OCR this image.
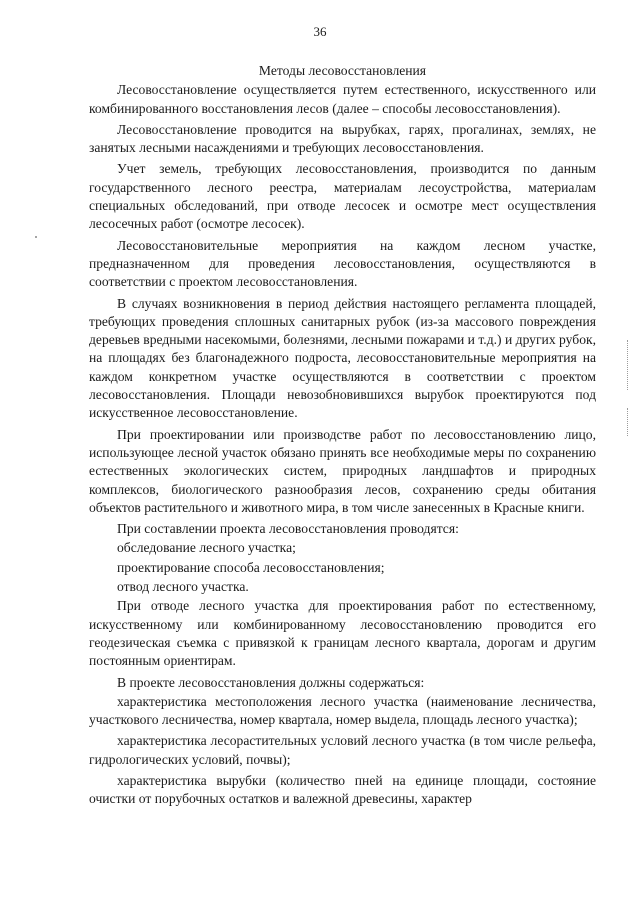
36
Методы лесовосстановления

Лесовосстановление осуществляется путем естественного, искусственного или комбинированного восстановления лесов (далее – способы лесовосстановления).

Лесовосстановление проводится на вырубках, гарях, прогалинах, землях, не занятых лесными насаждениями и требующих лесовосстановления.

Учет земель, требующих лесовосстановления, производится по данным государственного лесного реестра, материалам лесоустройства, материалам специальных обследований, при отводе лесосек и осмотре мест осуществления лесосечных работ (осмотре лесосек).

Лесовосстановительные мероприятия на каждом лесном участке, предназначенном для проведения лесовосстановления, осуществляются в соответствии с проектом лесовосстановления.

В случаях возникновения в период действия настоящего регламента площадей, требующих проведения сплошных санитарных рубок (из-за массового повреждения деревьев вредными насекомыми, болезнями, лесными пожарами и т.д.) и других рубок, на площадях без благонадежного подроста, лесовосстановительные мероприятия на каждом конкретном участке осуществляются в соответствии с проектом лесовосстановления. Площади невозобновившихся вырубок проектируются под искусственное лесовосстановление.

При проектировании или производстве работ по лесовосстановлению лицо, использующее лесной участок обязано принять все необходимые меры по сохранению естественных экологических систем, природных ландшафтов и природных комплексов, биологического разнообразия лесов, сохранению среды обитания объектов растительного и животного мира, в том числе занесенных в Красные книги.

При составлении проекта лесовосстановления проводятся:

обследование лесного участка;

проектирование способа лесовосстановления;

отвод лесного участка.

При отводе лесного участка для проектирования работ по естественному, искусственному или комбинированному лесовосстановлению проводится его геодезическая съемка с привязкой к границам лесного квартала, дорогам и другим постоянным ориентирам.

В проекте лесовосстановления должны содержаться:

характеристика местоположения лесного участка (наименование лесничества, участкового лесничества, номер квартала, номер выдела, площадь лесного участка);

характеристика лесорастительных условий лесного участка (в том числе рельефа, гидрологических условий, почвы);

характеристика вырубки (количество пней на единице площади, состояние очистки от порубочных остатков и валежной древесины, характер
